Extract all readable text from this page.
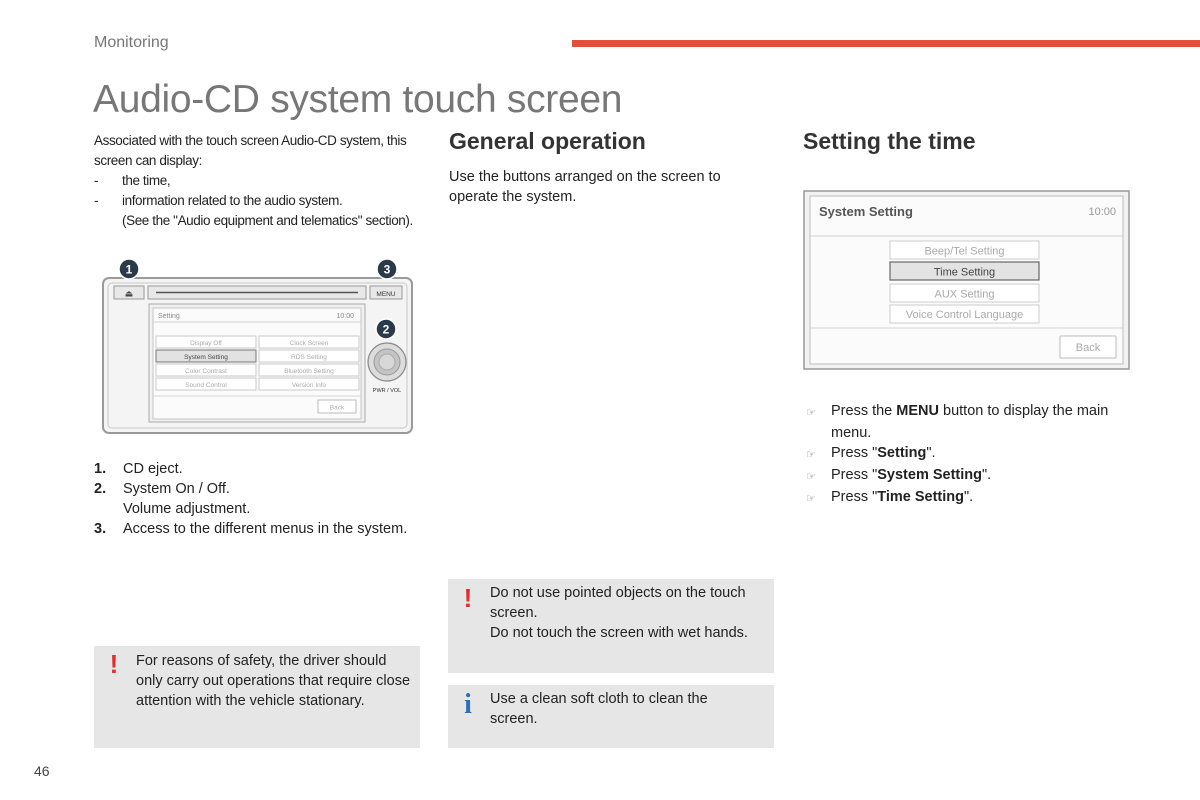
Monitoring
Audio-CD system touch screen
Associated with the touch screen Audio-CD system, this screen can display:
-	the time,
-	information related to the audio system.
(See the "Audio equipment and telematics" section).
⏏	MENU
Setting	10:00
Display Off	Clock Screen
System Setting	RDS Setting
Color Contrast	Bluetooth Setting
Sound Control	Version Info
Back
PWR / VOL
1
2
3
1.	CD eject.
2.	System On / Off.
Volume adjustment.
3.	Access to the different menus in the system.
! For reasons of safety, the driver should only carry out operations that require close attention with the vehicle stationary.
General operation
Use the buttons arranged on the screen to operate the system.
! Do not use pointed objects on the touch screen.
Do not touch the screen with wet hands.
i Use a clean soft cloth to clean the screen.
Setting the time
System Setting	10:00
Beep/Tel Setting
Time Setting
AUX Setting
Voice Control Language
Back
☞	Press the MENU button to display the main
menu.
☞	Press "Setting".
☞	Press "System Setting".
☞	Press "Time Setting".
46
